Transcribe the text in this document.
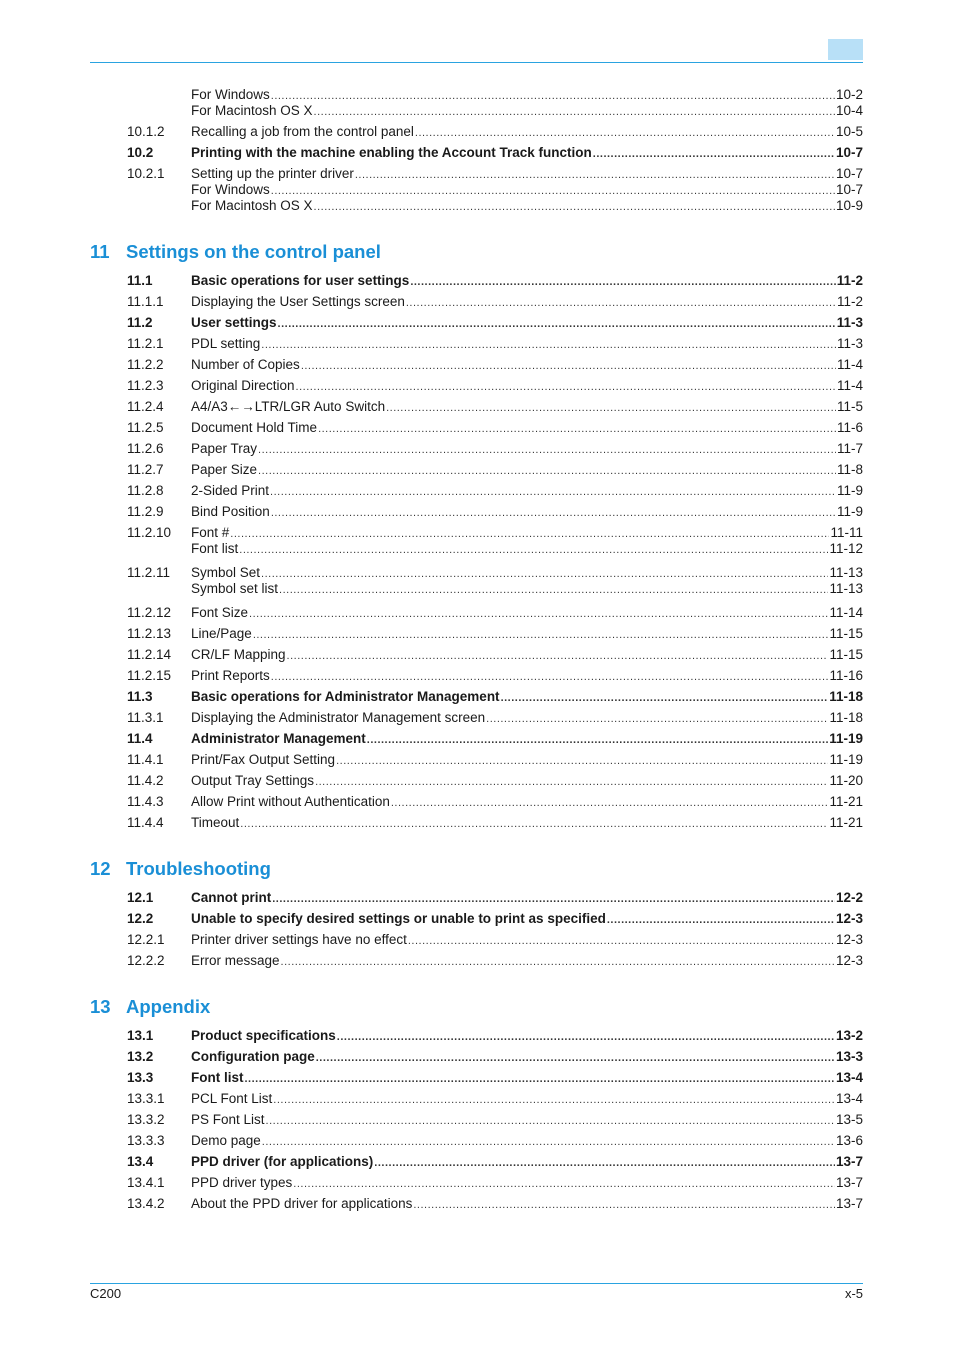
For Windows .....	10-2
For Macintosh OS X .....	10-4
10.1.2	Recalling a job from the control panel .....	10-5
10.2	Printing with the machine enabling the Account Track function .....	10-7
10.2.1	Setting up the printer driver .....	10-7
For Windows .....	10-7
For Macintosh OS X .....	10-9
11 Settings on the control panel
11.1	Basic operations for user settings .....	11-2
11.1.1	Displaying the User Settings screen .....	11-2
11.2	User settings .....	11-3
11.2.1	PDL setting .....	11-3
11.2.2	Number of Copies .....	11-4
11.2.3	Original Direction .....	11-4
11.2.4	A4/A3←→LTR/LGR Auto Switch .....	11-5
11.2.5	Document Hold Time .....	11-6
11.2.6	Paper Tray .....	11-7
11.2.7	Paper Size .....	11-8
11.2.8	2-Sided Print .....	11-9
11.2.9	Bind Position .....	11-9
11.2.10	Font # .....	11-11
Font list .....	11-12
11.2.11	Symbol Set .....	11-13
Symbol set list .....	11-13
11.2.12	Font Size .....	11-14
11.2.13	Line/Page .....	11-15
11.2.14	CR/LF Mapping .....	11-15
11.2.15	Print Reports .....	11-16
11.3	Basic operations for Administrator Management .....	11-18
11.3.1	Displaying the Administrator Management screen .....	11-18
11.4	Administrator Management .....	11-19
11.4.1	Print/Fax Output Setting .....	11-19
11.4.2	Output Tray Settings .....	11-20
11.4.3	Allow Print without Authentication .....	11-21
11.4.4	Timeout .....	11-21
12 Troubleshooting
12.1	Cannot print .....	12-2
12.2	Unable to specify desired settings or unable to print as specified .....	12-3
12.2.1	Printer driver settings have no effect .....	12-3
12.2.2	Error message .....	12-3
13 Appendix
13.1	Product specifications .....	13-2
13.2	Configuration page .....	13-3
13.3	Font list .....	13-4
13.3.1	PCL Font List .....	13-4
13.3.2	PS Font List .....	13-5
13.3.3	Demo page .....	13-6
13.4	PPD driver (for applications) .....	13-7
13.4.1	PPD driver types .....	13-7
13.4.2	About the PPD driver for applications .....	13-7
C200	x-5
